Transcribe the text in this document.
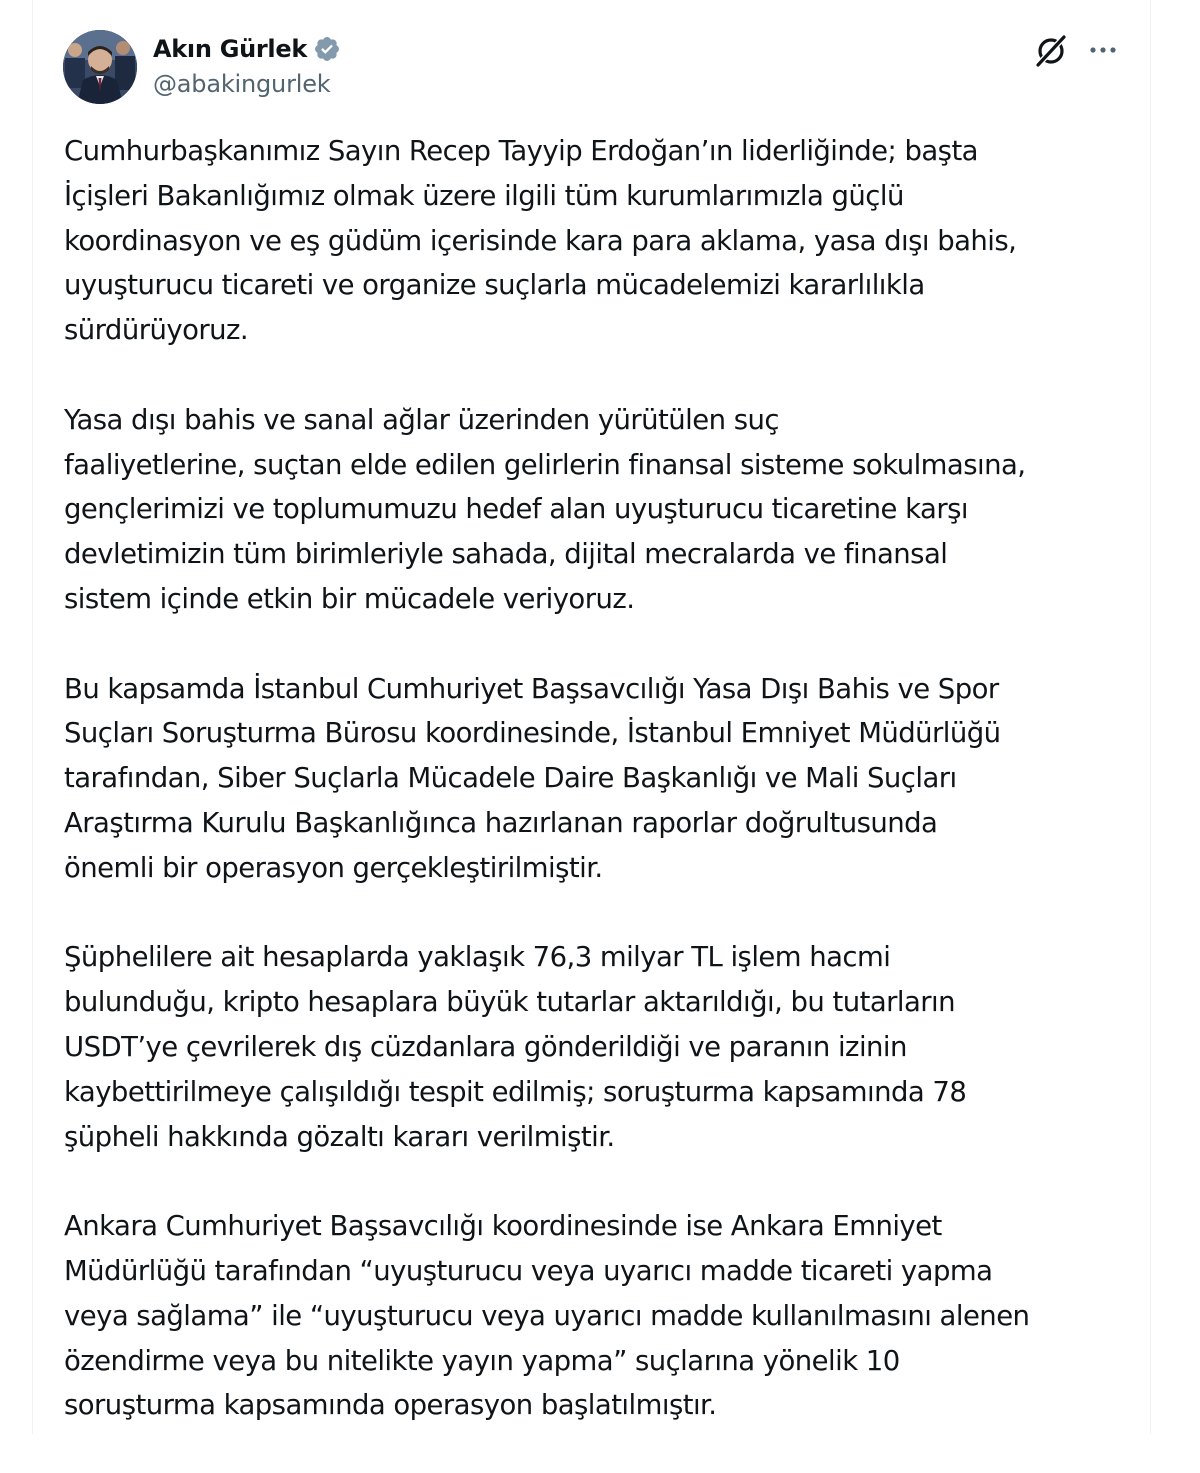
Akın Gürlek
@abakingurlek
Cumhurbaşkanımız Sayın Recep Tayyip Erdoğan’ın liderliğinde; başta
İçişleri Bakanlığımız olmak üzere ilgili tüm kurumlarımızla güçlü
koordinasyon ve eş güdüm içerisinde kara para aklama, yasa dışı bahis,
uyuşturucu ticareti ve organize suçlarla mücadelemizi kararlılıkla
sürdürüyoruz.
Yasa dışı bahis ve sanal ağlar üzerinden yürütülen suç
faaliyetlerine, suçtan elde edilen gelirlerin finansal sisteme sokulmasına,
gençlerimizi ve toplumumuzu hedef alan uyuşturucu ticaretine karşı
devletimizin tüm birimleriyle sahada, dijital mecralarda ve finansal
sistem içinde etkin bir mücadele veriyoruz.
Bu kapsamda İstanbul Cumhuriyet Başsavcılığı Yasa Dışı Bahis ve Spor
Suçları Soruşturma Bürosu koordinesinde, İstanbul Emniyet Müdürlüğü
tarafından, Siber Suçlarla Mücadele Daire Başkanlığı ve Mali Suçları
Araştırma Kurulu Başkanlığınca hazırlanan raporlar doğrultusunda
önemli bir operasyon gerçekleştirilmiştir.
Şüphelilere ait hesaplarda yaklaşık 76,3 milyar TL işlem hacmi
bulunduğu, kripto hesaplara büyük tutarlar aktarıldığı, bu tutarların
USDT’ye çevrilerek dış cüzdanlara gönderildiği ve paranın izinin
kaybettirilmeye çalışıldığı tespit edilmiş; soruşturma kapsamında 78
şüpheli hakkında gözaltı kararı verilmiştir.
Ankara Cumhuriyet Başsavcılığı koordinesinde ise Ankara Emniyet
Müdürlüğü tarafından “uyuşturucu veya uyarıcı madde ticareti yapma
veya sağlama” ile “uyuşturucu veya uyarıcı madde kullanılmasını alenen
özendirme veya bu nitelikte yayın yapma” suçlarına yönelik 10
soruşturma kapsamında operasyon başlatılmıştır.
